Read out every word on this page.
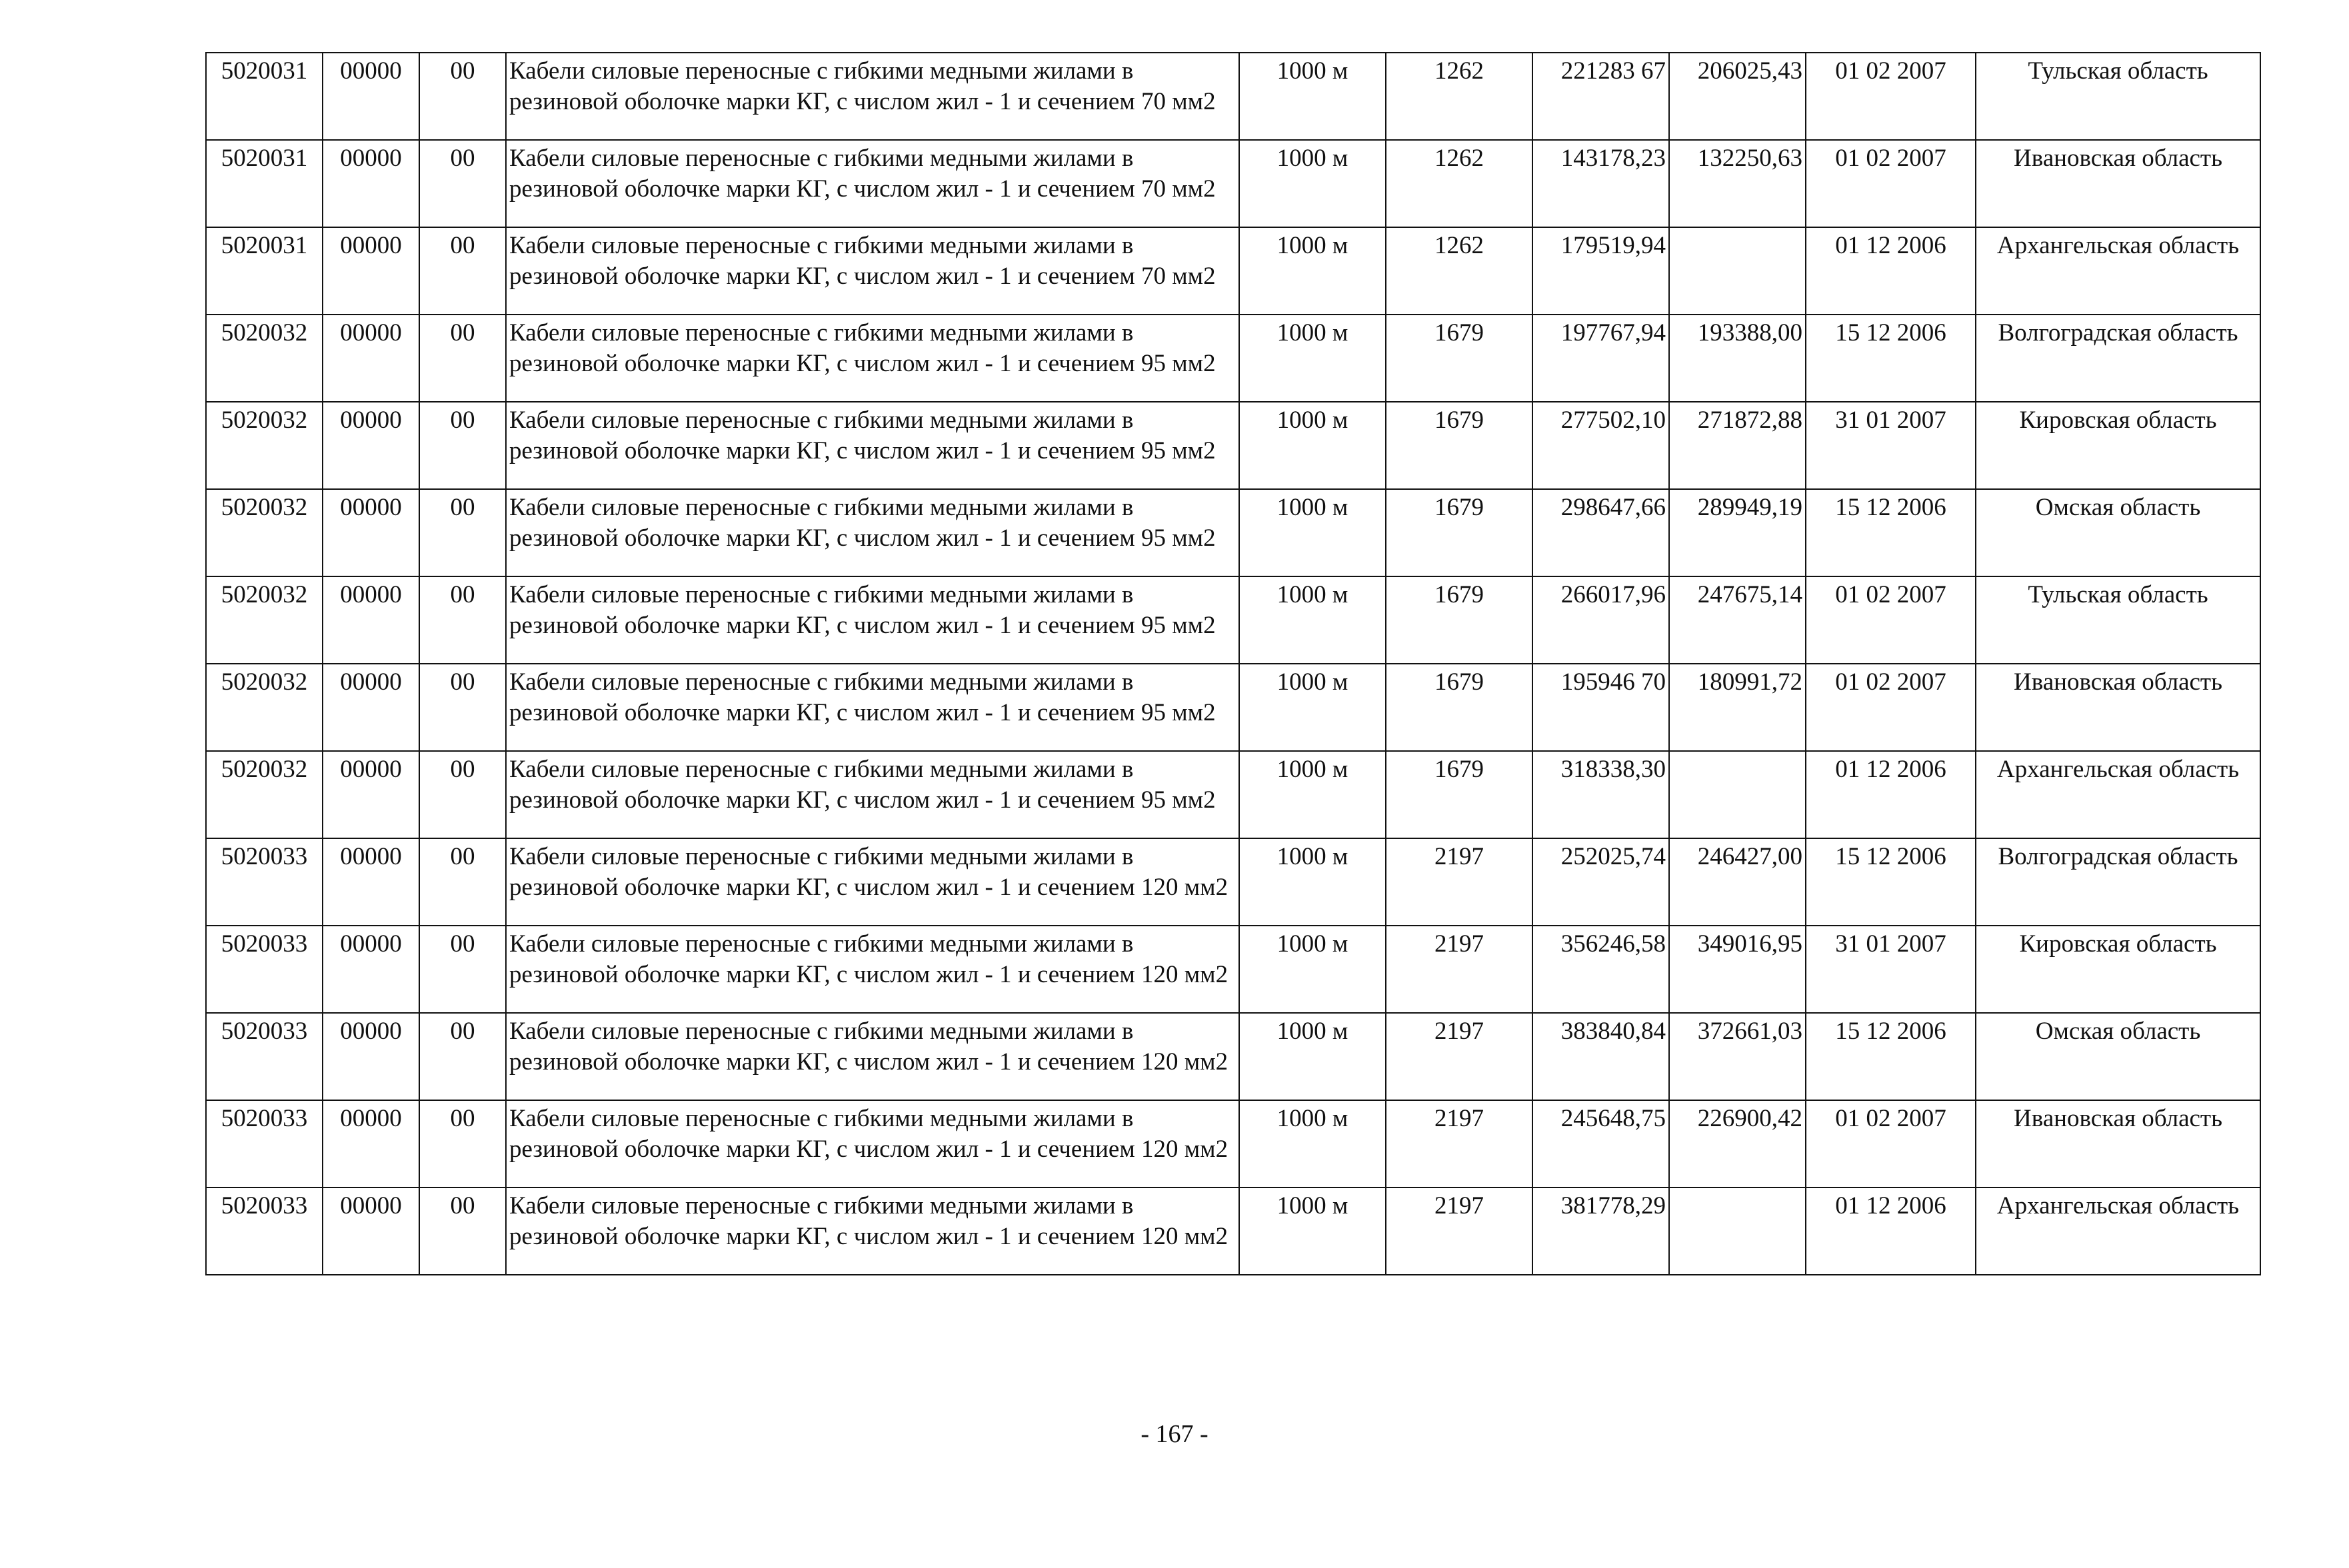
5020031	00000	00	Кабели силовые переносные с гибкими медными жилами в резиновой оболочке марки КГ, с числом жил - 1 и сечением 70 мм2	1000 м	1262	221283 67	206025,43	01 02 2007	Тульская область
5020031	00000	00	Кабели силовые переносные с гибкими медными жилами в резиновой оболочке марки КГ, с числом жил - 1 и сечением 70 мм2	1000 м	1262	143178,23	132250,63	01 02 2007	Ивановская область
5020031	00000	00	Кабели силовые переносные с гибкими медными жилами в резиновой оболочке марки КГ, с числом жил - 1 и сечением 70 мм2	1000 м	1262	179519,94		01 12 2006	Архангельская область
5020032	00000	00	Кабели силовые переносные с гибкими медными жилами в резиновой оболочке марки КГ, с числом жил - 1 и сечением 95 мм2	1000 м	1679	197767,94	193388,00	15 12 2006	Волгоградская область
5020032	00000	00	Кабели силовые переносные с гибкими медными жилами в резиновой оболочке марки КГ, с числом жил - 1 и сечением 95 мм2	1000 м	1679	277502,10	271872,88	31 01 2007	Кировская область
5020032	00000	00	Кабели силовые переносные с гибкими медными жилами в резиновой оболочке марки КГ, с числом жил - 1 и сечением 95 мм2	1000 м	1679	298647,66	289949,19	15 12 2006	Омская область
5020032	00000	00	Кабели силовые переносные с гибкими медными жилами в резиновой оболочке марки КГ, с числом жил - 1 и сечением 95 мм2	1000 м	1679	266017,96	247675,14	01 02 2007	Тульская область
5020032	00000	00	Кабели силовые переносные с гибкими медными жилами в резиновой оболочке марки КГ, с числом жил - 1 и сечением 95 мм2	1000 м	1679	195946 70	180991,72	01 02 2007	Ивановская область
5020032	00000	00	Кабели силовые переносные с гибкими медными жилами в резиновой оболочке марки КГ, с числом жил - 1 и сечением 95 мм2	1000 м	1679	318338,30		01 12 2006	Архангельская область
5020033	00000	00	Кабели силовые переносные с гибкими медными жилами в резиновой оболочке марки КГ, с числом жил - 1 и сечением 120 мм2	1000 м	2197	252025,74	246427,00	15 12 2006	Волгоградская область
5020033	00000	00	Кабели силовые переносные с гибкими медными жилами в резиновой оболочке марки КГ, с числом жил - 1 и сечением 120 мм2	1000 м	2197	356246,58	349016,95	31 01 2007	Кировская область
5020033	00000	00	Кабели силовые переносные с гибкими медными жилами в резиновой оболочке марки КГ, с числом жил - 1 и сечением 120 мм2	1000 м	2197	383840,84	372661,03	15 12 2006	Омская область
5020033	00000	00	Кабели силовые переносные с гибкими медными жилами в резиновой оболочке марки КГ, с числом жил - 1 и сечением 120 мм2	1000 м	2197	245648,75	226900,42	01 02 2007	Ивановская область
5020033	00000	00	Кабели силовые переносные с гибкими медными жилами в резиновой оболочке марки КГ, с числом жил - 1 и сечением 120 мм2	1000 м	2197	381778,29		01 12 2006	Архангельская область
- 167 -
